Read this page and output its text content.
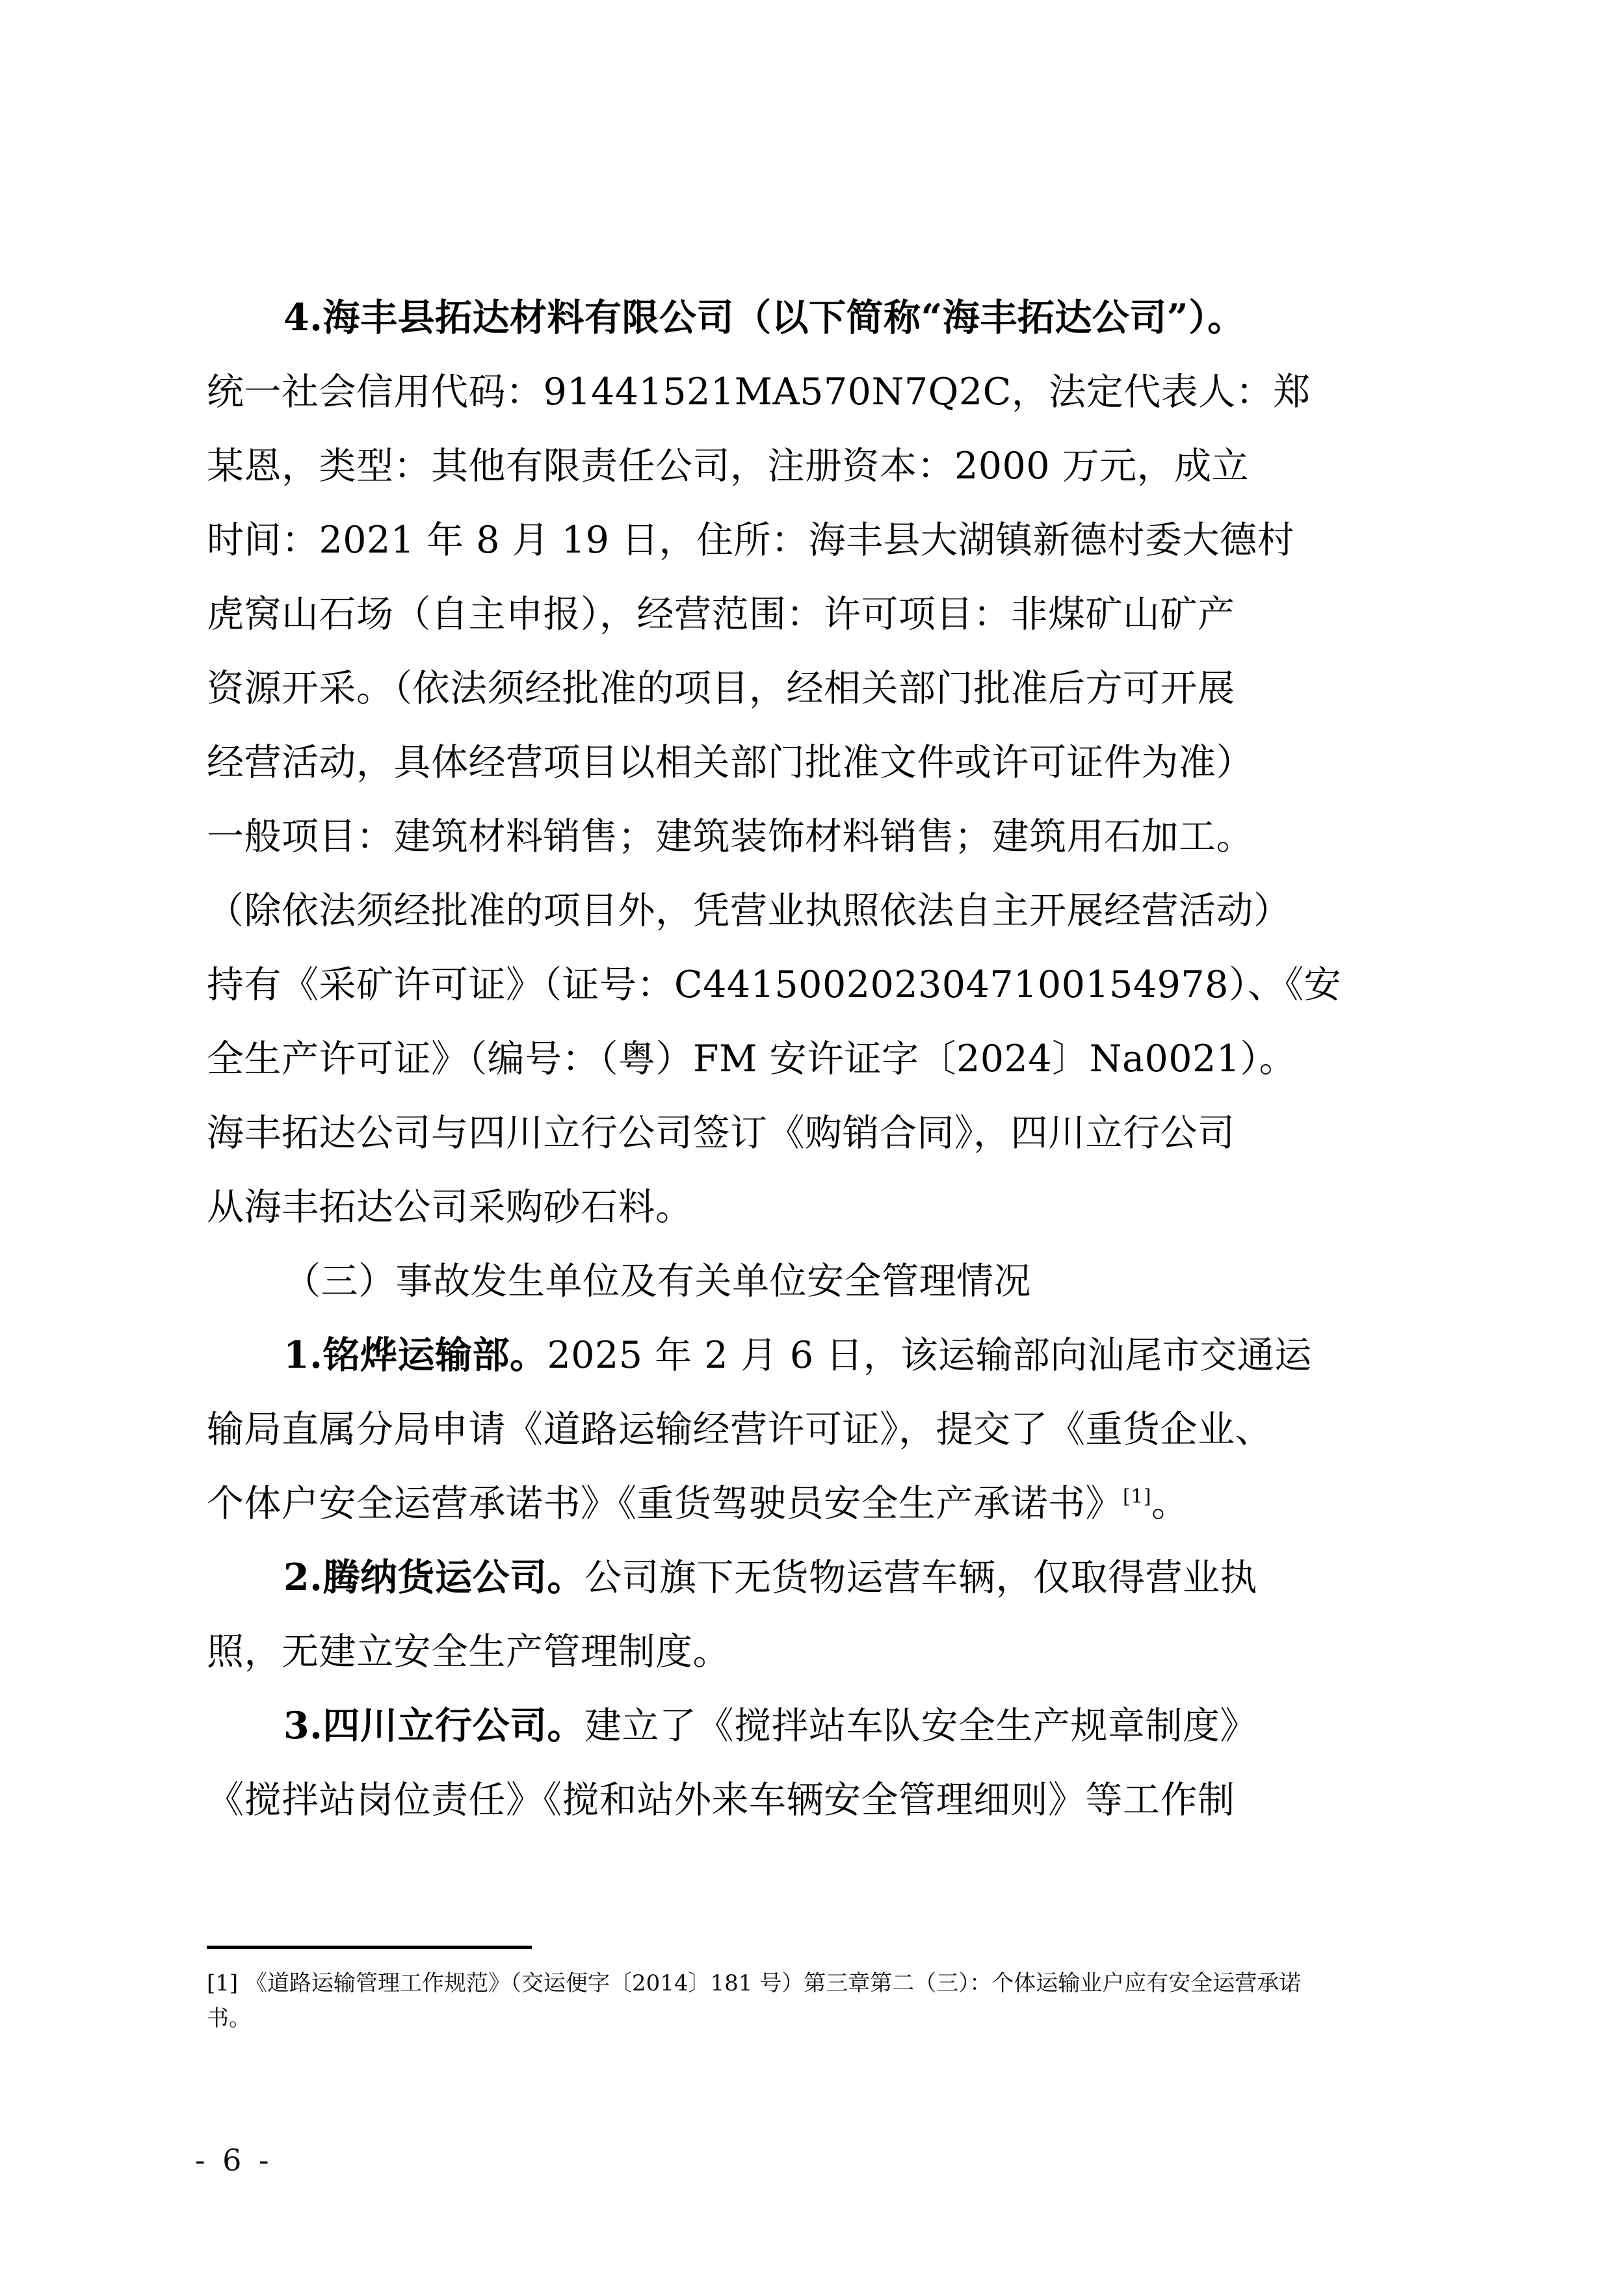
4.海丰县拓达材料有限公司（以下简称“海丰拓达公司”）。
统一社会信用代码：91441521MA570N7Q2C，法定代表人：郑
某恩，类型：其他有限责任公司，注册资本：2000 万元，成立
时间：2021 年 8 月 19 日，住所：海丰县大湖镇新德村委大德村
虎窝山石场（自主申报），经营范围：许可项目：非煤矿山矿产
资源开采。（依法须经批准的项目，经相关部门批准后方可开展
经营活动，具体经营项目以相关部门批准文件或许可证件为准）
一般项目：建筑材料销售；建筑装饰材料销售；建筑用石加工。
（除依法须经批准的项目外，凭营业执照依法自主开展经营活动）
持有《采矿许可证》（证号：C4415002023047100154978）、《安
全生产许可证》（编号：（粤）FM 安许证字〔2024〕Na0021）。
海丰拓达公司与四川立行公司签订《购销合同》，四川立行公司
从海丰拓达公司采购砂石料。
（三）事故发生单位及有关单位安全管理情况
1.铭烨运输部。2025 年 2 月 6 日，该运输部向汕尾市交通运
输局直属分局申请《道路运输经营许可证》，提交了《重货企业、
个体户安全运营承诺书》《重货驾驶员安全生产承诺书》[1]。
2.腾纳货运公司。公司旗下无货物运营车辆，仅取得营业执
照，无建立安全生产管理制度。
3.四川立行公司。建立了《搅拌站车队安全生产规章制度》
《搅拌站岗位责任》《搅和站外来车辆安全管理细则》等工作制
[1] 《道路运输管理工作规范》（交运便字〔2014〕181 号）第三章第二（三）：个体运输业户应有安全运营承诺
书。
- 6 -
